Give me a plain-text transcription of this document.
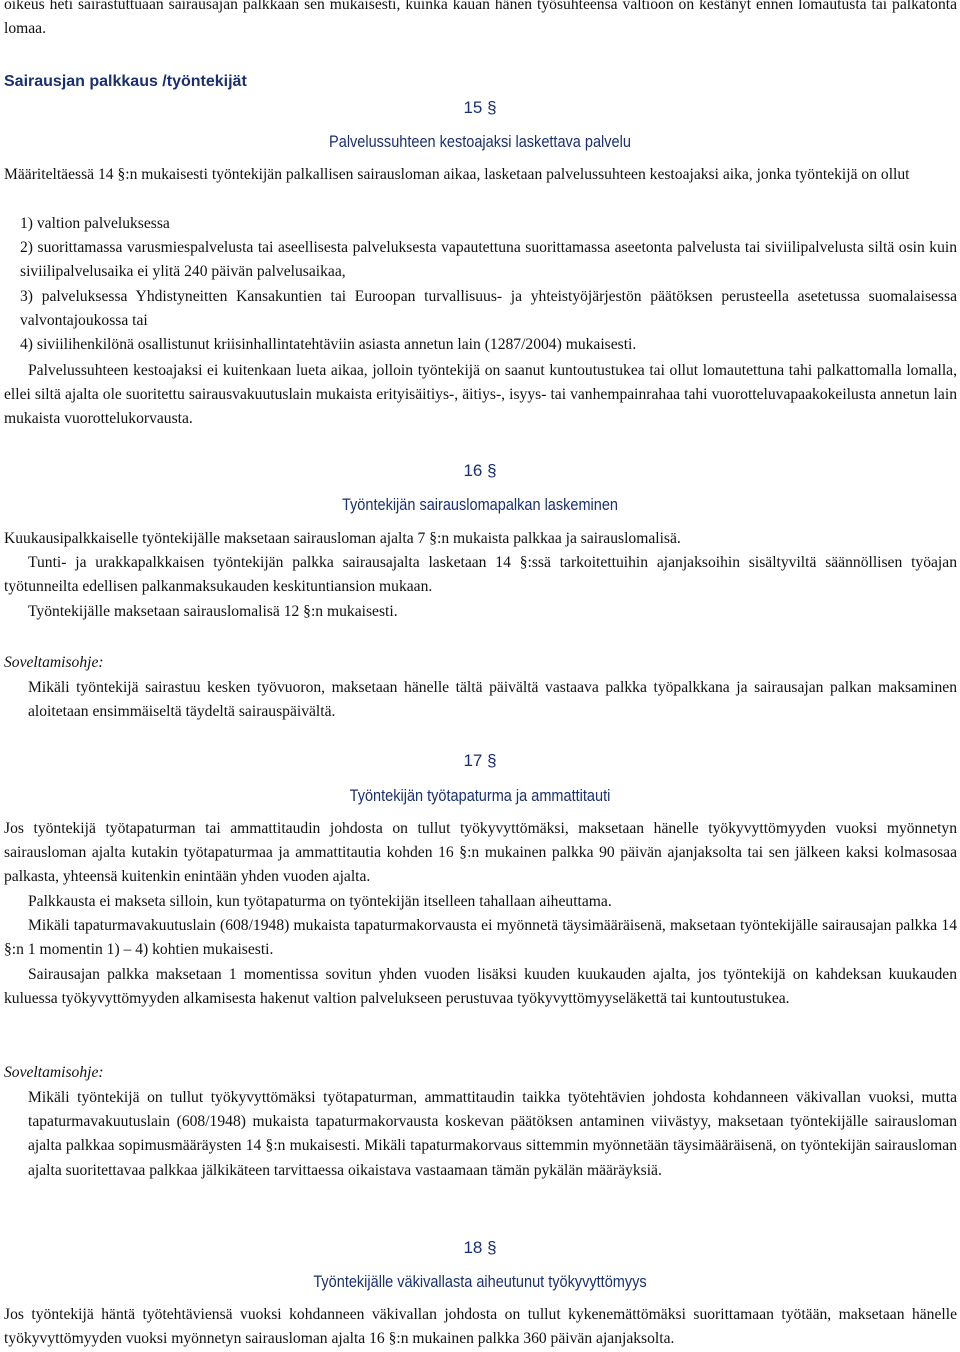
oikeus heti sairastuttuaan sairausajan palkkaan sen mukaisesti, kuinka kauan hänen työsuhteensa valtioon on kestänyt ennen lomautusta tai palkatonta lomaa.

Sairausjan palkkaus /työntekijät
15 §
Palvelussuhteen kestoajaksi laskettava palvelu

Määriteltäessä 14 §:n mukaisesti työntekijän palkallisen sairausloman aikaa, lasketaan palvelussuhteen kestoajaksi aika, jonka työntekijä on ollut

1) valtion palveluksessa

2) suorittamassa varusmiespalvelusta tai aseellisesta palveluksesta vapautettuna suorittamassa aseetonta palvelusta tai siviilipalvelusta siltä osin kuin siviilipalvelusaika ei ylitä 240 päivän palvelusaikaa,

3) palveluksessa Yhdistyneitten Kansakuntien tai Euroopan turvallisuus- ja yhteistyöjärjestön päätöksen perusteella asetetussa suomalaisessa valvontajoukossa tai

4) siviilihenkilönä osallistunut kriisinhallintatehtäviin asiasta annetun lain (1287/2004) mukaisesti.

Palvelussuhteen kestoajaksi ei kuitenkaan lueta aikaa, jolloin työntekijä on saanut kuntoutustukea tai ollut lomautettuna tahi palkattomalla lomalla, ellei siltä ajalta ole suoritettu sairausvakuutuslain mukaista erityisäitiys-, äitiys-, isyys- tai vanhempainrahaa tahi vuorotteluvapaakokeilusta annetun lain mukaista vuorottelukorvausta.

16 §
Työntekijän sairauslomapalkan laskeminen

Kuukausipalkkaiselle työntekijälle maksetaan sairausloman ajalta 7 §:n mukaista palkkaa ja sairauslomalisä.

Tunti- ja urakkapalkkaisen työntekijän palkka sairausajalta lasketaan 14 §:ssä tarkoitettuihin ajanjaksoihin sisältyviltä säännöllisen työajan työtunneilta edellisen palkanmaksukauden keskituntiansion mukaan.

Työntekijälle maksetaan sairauslomalisä 12 §:n mukaisesti.

Soveltamisohje:

Mikäli työntekijä sairastuu kesken työvuoron, maksetaan hänelle tältä päivältä vastaava palkka työpalkkana ja sairausajan palkan maksaminen aloitetaan ensimmäiseltä täydeltä sairauspäivältä.

17 §
Työntekijän työtapaturma ja ammattitauti

Jos työntekijä työtapaturman tai ammattitaudin johdosta on tullut työkyvyttömäksi, maksetaan hänelle työkyvyttömyyden vuoksi myönnetyn sairausloman ajalta kutakin työtapaturmaa ja ammattitautia kohden 16 §:n mukainen palkka 90 päivän ajanjaksolta tai sen jälkeen kaksi kolmasosaa palkasta, yhteensä kuitenkin enintään yhden vuoden ajalta.

Palkkausta ei makseta silloin, kun työtapaturma on työntekijän itselleen tahallaan aiheuttama.

Mikäli tapaturmavakuutuslain (608/1948) mukaista tapaturmakorvausta ei myönnetä täysimääräisenä, maksetaan työntekijälle sairausajan palkka 14 §:n 1 momentin 1) – 4) kohtien mukaisesti.

Sairausajan palkka maksetaan 1 momentissa sovitun yhden vuoden lisäksi kuuden kuukauden ajalta, jos työntekijä on kahdeksan kuukauden kuluessa työkyvyttömyyden alkamisesta hakenut valtion palvelukseen perustuvaa työkyvyttömyyseläkettä tai kuntoutustukea.

Soveltamisohje:

Mikäli työntekijä on tullut työkyvyttömäksi työtapaturman, ammattitaudin taikka työtehtävien johdosta kohdanneen väkivallan vuoksi, mutta tapaturmavakuutuslain (608/1948) mukaista tapaturmakorvausta koskevan päätöksen antaminen viivästyy, maksetaan työntekijälle sairausloman ajalta palkkaa sopimusmääräysten 14 §:n mukaisesti. Mikäli tapaturmakorvaus sittemmin myönnetään täysimääräisenä, on työntekijän sairausloman ajalta suoritettavaa palkkaa jälkikäteen tarvittaessa oikaistava vastaamaan tämän pykälän määräyksiä.

18 §
Työntekijälle väkivallasta aiheutunut työkyvyttömyys

Jos työntekijä häntä työtehtäviensä vuoksi kohdanneen väkivallan johdosta on tullut kykenemättömäksi suorittamaan työtään, maksetaan hänelle työkyvyttömyyden vuoksi myönnetyn sairausloman ajalta 16 §:n mukainen palkka 360 päivän ajanjaksolta.
